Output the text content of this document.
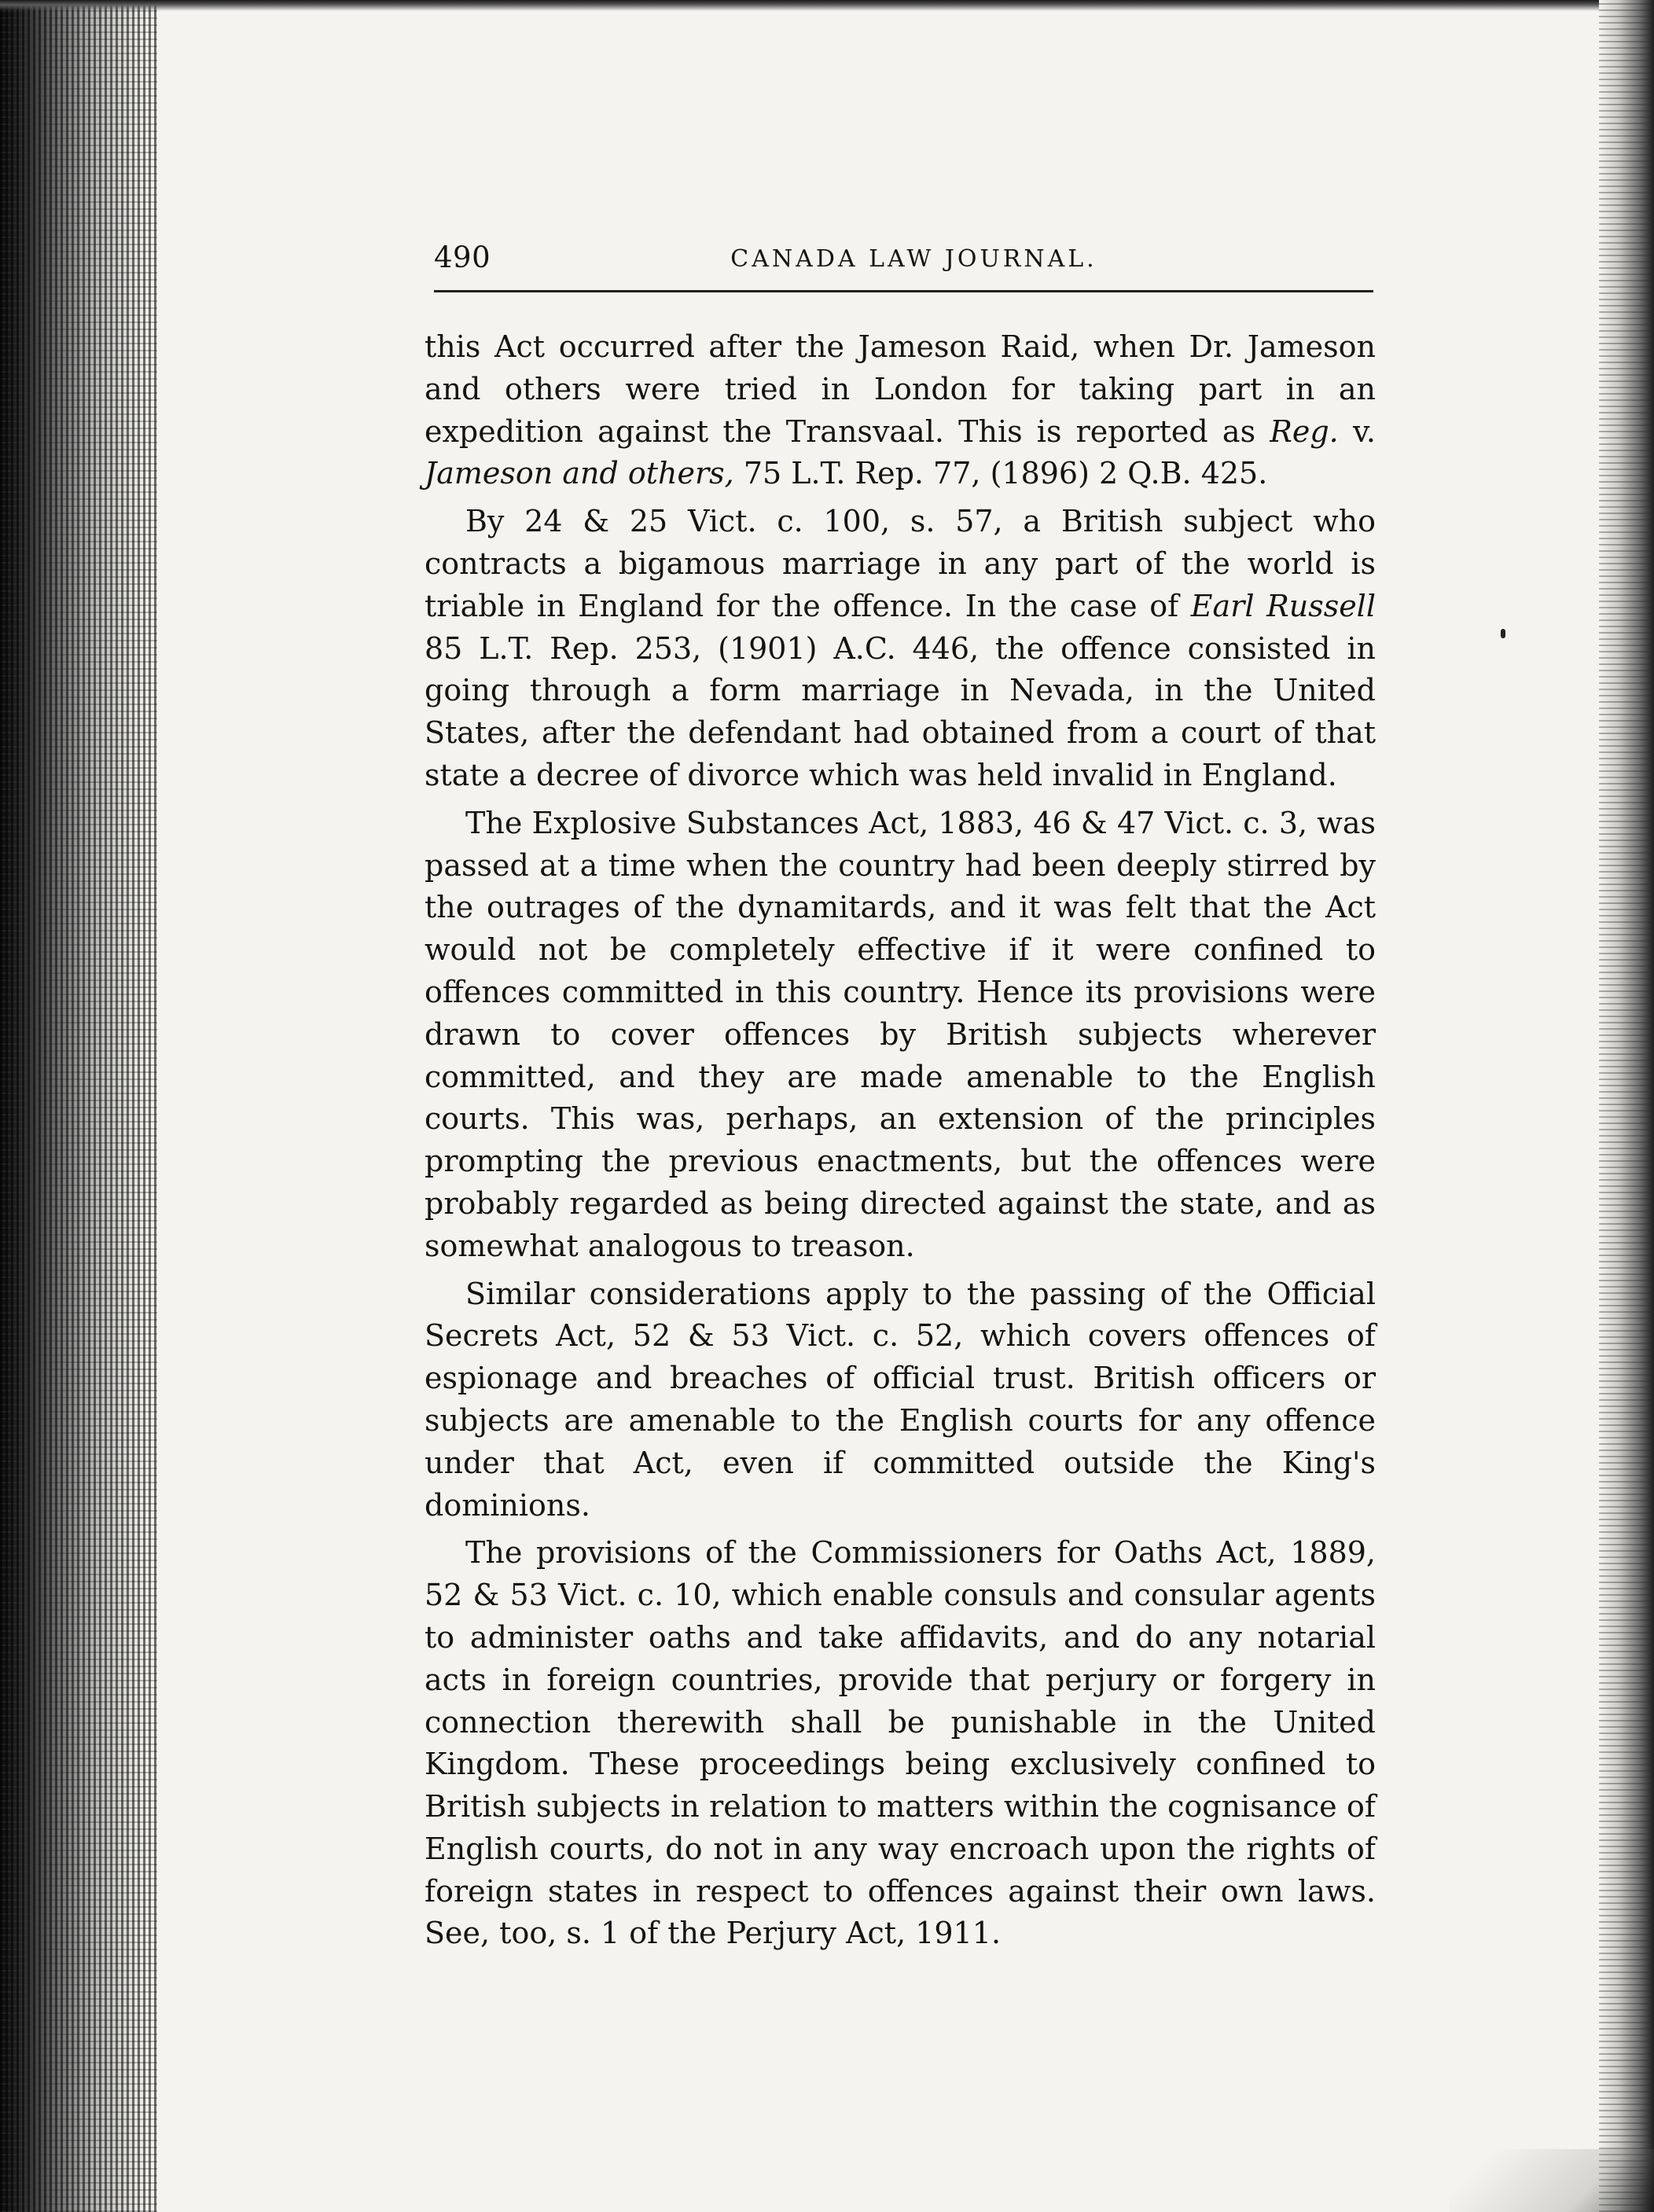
490	CANADA LAW JOURNAL.

this Act occurred after the Jameson Raid, when Dr. Jameson and others were tried in London for taking part in an expedition against the Transvaal. This is reported as Reg. v. Jameson and others, 75 L.T. Rep. 77, (1896) 2 Q.B. 425.

By 24 & 25 Vict. c. 100, s. 57, a British subject who contracts a bigamous marriage in any part of the world is triable in England for the offence. In the case of Earl Russell 85 L.T. Rep. 253, (1901) A.C. 446, the offence consisted in going through a form marriage in Nevada, in the United States, after the defendant had obtained from a court of that state a decree of divorce which was held invalid in England.

The Explosive Substances Act, 1883, 46 & 47 Vict. c. 3, was passed at a time when the country had been deeply stirred by the outrages of the dynamitards, and it was felt that the Act would not be completely effective if it were confined to offences committed in this country. Hence its provisions were drawn to cover offences by British subjects wherever committed, and they are made amenable to the English courts. This was, perhaps, an extension of the principles prompting the previous enactments, but the offences were probably regarded as being directed against the state, and as somewhat analogous to treason.

Similar considerations apply to the passing of the Official Secrets Act, 52 & 53 Vict. c. 52, which covers offences of espionage and breaches of official trust. British officers or subjects are amenable to the English courts for any offence under that Act, even if committed outside the King's dominions.

The provisions of the Commissioners for Oaths Act, 1889, 52 & 53 Vict. c. 10, which enable consuls and consular agents to administer oaths and take affidavits, and do any notarial acts in foreign countries, provide that perjury or forgery in connection therewith shall be punishable in the United Kingdom. These proceedings being exclusively confined to British subjects in relation to matters within the cognisance of English courts, do not in any way encroach upon the rights of foreign states in respect to offences against their own laws. See, too, s. 1 of the Perjury Act, 1911.
